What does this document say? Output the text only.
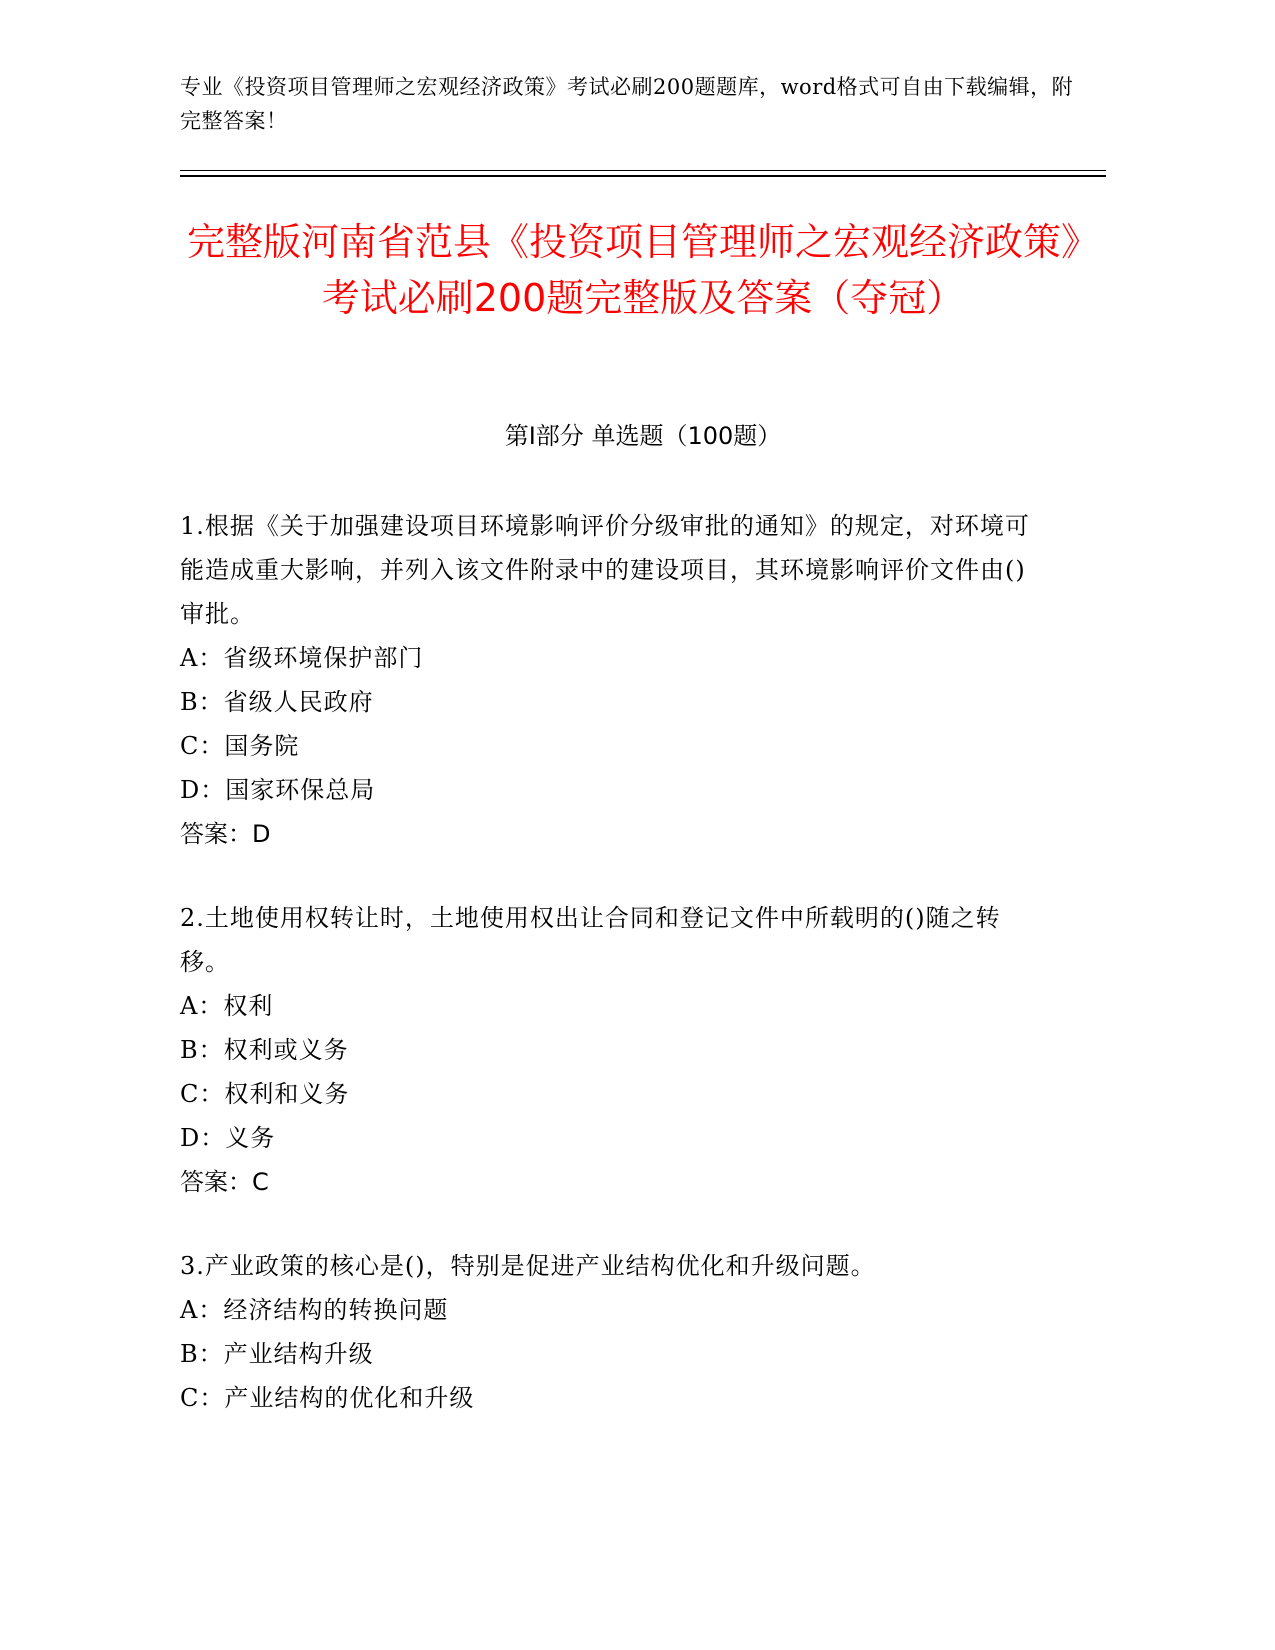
专业《投资项目管理师之宏观经济政策》考试必刷200题题库，word格式可自由下载编辑，附完整答案！
完整版河南省范县《投资项目管理师之宏观经济政策》考试必刷200题完整版及答案（夺冠）
第I部分 单选题（100题）
1.根据《关于加强建设项目环境影响评价分级审批的通知》的规定，对环境可能造成重大影响，并列入该文件附录中的建设项目，其环境影响评价文件由()审批。
A：省级环境保护部门
B：省级人民政府
C：国务院
D：国家环保总局
答案：D
2.土地使用权转让时，土地使用权出让合同和登记文件中所载明的()随之转移。
A：权利
B：权利或义务
C：权利和义务
D：义务
答案：C
3.产业政策的核心是()，特别是促进产业结构优化和升级问题。
A：经济结构的转换问题
B：产业结构升级
C：产业结构的优化和升级
